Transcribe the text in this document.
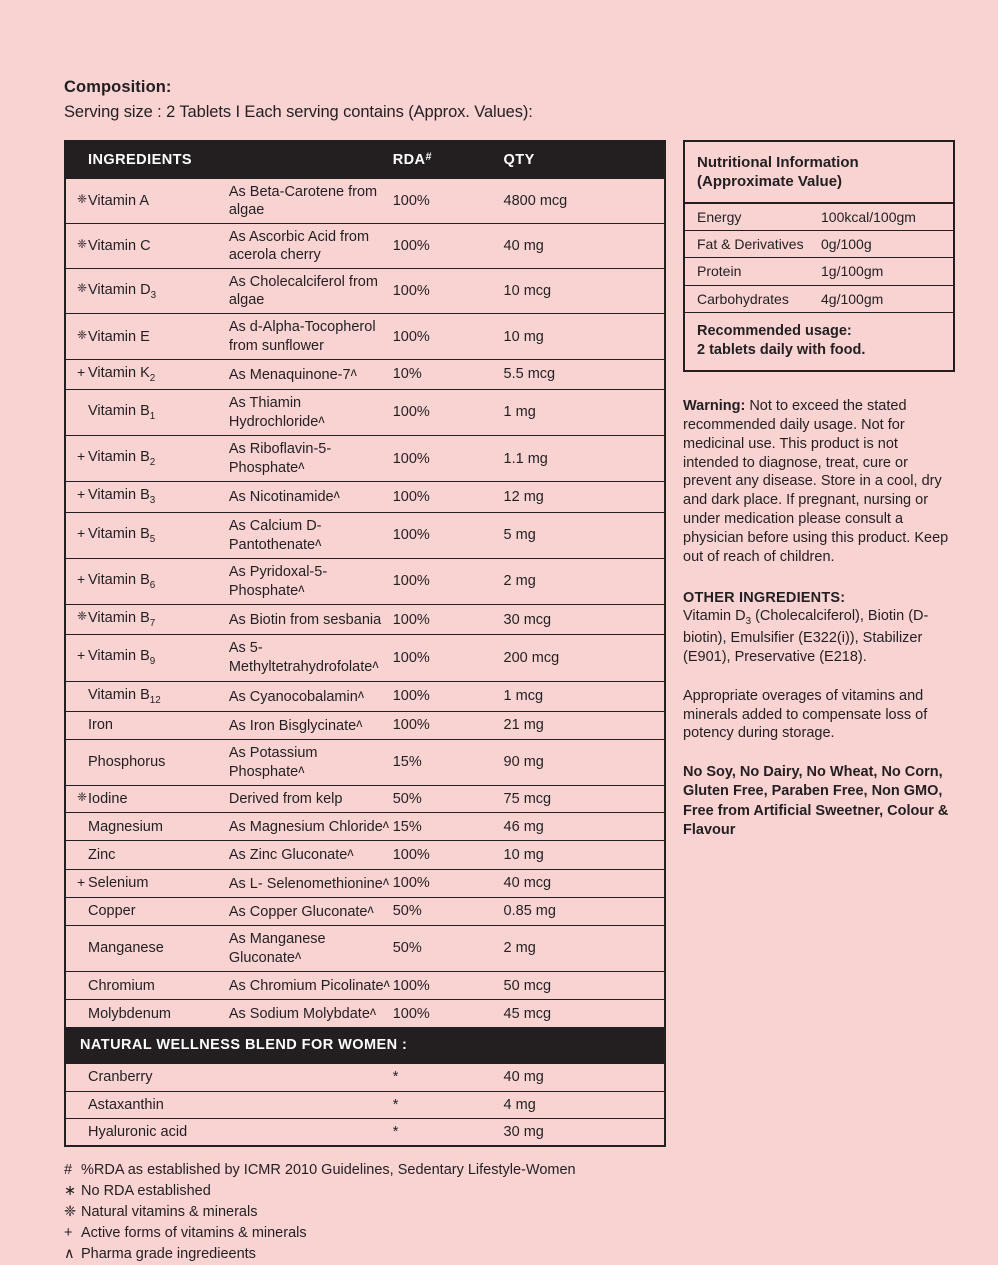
Composition:
Serving size : 2 Tablets I Each serving contains (Approx. Values):
INGREDIENTS		RDA#	QTY
❈Vitamin A	As Beta-Carotene from algae	100%	4800 mcg
❈Vitamin C	As Ascorbic Acid from acerola cherry	100%	40 mg
❈Vitamin $D_3$	As Cholecalciferol from algae	100%	10 mcg
❈Vitamin E	As d-Alpha-Tocopherol from sunflower	100%	10 mg
+ Vitamin $K_2$	As Menaquinone-$7^ʌ$	10%	5.5 mcg
Vitamin $B_1$	As Thiamin Hydrochloride$^ʌ$	100%	1 mg
+ Vitamin $B_2$	As Riboflavin-5-Phosphate$^ʌ$	100%	1.1 mg
+ Vitamin $B_3$	As Nicotinamide$^ʌ$	100%	12 mg
+ Vitamin $B_5$	As Calcium D- Pantothenate$^ʌ$	100%	5 mg
+ Vitamin $B_6$	As Pyridoxal-5-Phosphate$^ʌ$	100%	2 mg
❈Vitamin $B_7$	As Biotin from sesbania	100%	30 mcg
+ Vitamin $B_9$	As 5-Methyltetrahydrofolate$^ʌ$	100%	200 mcg
Vitamin $B_{12}$	As Cyanocobalamin$^ʌ$	100%	1 mcg
Iron	As Iron Bisglycinate$^ʌ$	100%	21 mg
Phosphorus	As Potassium Phosphate$^ʌ$	15%	90 mg
❈Iodine	Derived from kelp	50%	75 mcg
Magnesium	As Magnesium Chloride$^ʌ$	15%	46 mg
Zinc	As Zinc Gluconate$^ʌ$	100%	10 mg
+ Selenium	As L- Selenomethionine$^ʌ$	100%	40 mcg
Copper	As Copper Gluconate$^ʌ$	50%	0.85 mg
Manganese	As Manganese Gluconate$^ʌ$	50%	2 mg
Chromium	As Chromium Picolinate$^ʌ$	100%	50 mcg
Molybdenum	As Sodium Molybdate$^ʌ$	100%	45 mcg
NATURAL WELLNESS BLEND FOR WOMEN :			
Cranberry		*	40 mg
Astaxanthin		*	4 mg
Hyaluronic acid		*	30 mg
# %RDA as established by ICMR 2010 Guidelines, Sedentary Lifestyle-Women
∗ No RDA established
❈ Natural vitamins & minerals
+ Active forms of vitamins & minerals
∧ Pharma grade ingredieents
Nutritional Information
(Approximate Value)
Energy	100kcal/100gm
Fat & Derivatives	0g/100g
Protein	1g/100gm
Carbohydrates	4g/100gm
Recommended usage:
2 tablets daily with food.
Warning: Not to exceed the stated recommended daily usage. Not for medicinal use. This product is not intended to diagnose, treat, cure or prevent any disease. Store in a cool, dry and dark place. If pregnant, nursing or under medication please consult a physician before using this product. Keep out of reach of children.
OTHER INGREDIENTS:
Vitamin $D_3$ (Cholecalciferol), Biotin (D- biotin), Emulsifier (E322(i)), Stabilizer (E901), Preservative (E218).
Appropriate overages of vitamins and minerals added to compensate loss of potency during storage.
No Soy, No Dairy, No Wheat, No Corn, Gluten Free, Paraben Free, Non GMO, Free from Artificial Sweetner, Colour & Flavour
